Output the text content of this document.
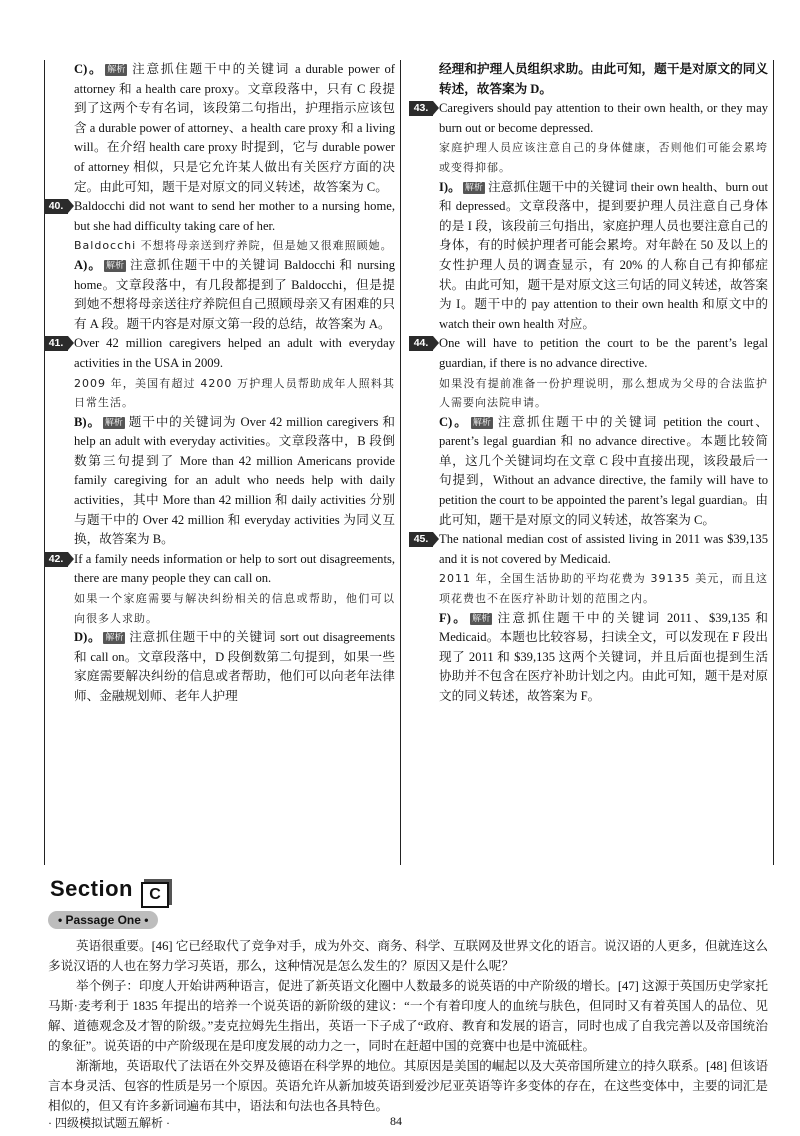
C)。 解析 注意抓住题干中的关键词 a durable power of attorney 和 a health care proxy。文章段落中，只有 C 段提到了这两个专有名词，该段第二句指出，护理指示应该包含 a durable power of attorney、a health care proxy 和 a living will。在介绍 health care proxy 时提到，它与 durable power of attorney 相似，只是它允许某人做出有关医疗方面的决定。由此可知，题干是对原文的同义转述，故答案为 C。
40. Baldocchi did not want to send her mother to a nursing home, but she had difficulty taking care of her.
Baldocchi 不想将母亲送到疗养院，但是她又很难照顾她。
A)。 解析 注意抓住题干中的关键词 Baldocchi 和 nursing home。文章段落中，有几段都提到了 Baldocchi，但是提到她不想将母亲送往疗养院但自己照顾母亲又有困难的只有 A 段。题干内容是对原文第一段的总结，故答案为 A。
41. Over 42 million caregivers helped an adult with everyday activities in the USA in 2009.
2009 年，美国有超过 4200 万护理人员帮助成年人照料其日常生活。
B)。 解析 题干中的关键词为 Over 42 million caregivers 和 help an adult with everyday activities。文章段落中，B 段倒数第三句提到了 More than 42 million Americans provide family caregiving for an adult who needs help with daily activities，其中 More than 42 million 和 daily activities 分别与题干中的 Over 42 million 和 everyday activities 为同义互换，故答案为 B。
42. If a family needs information or help to sort out disagreements, there are many people they can call on.
如果一个家庭需要与解决纠纷相关的信息或帮助，他们可以向很多人求助。
D)。 解析 注意抓住题干中的关键词 sort out disagreements 和 call on。文章段落中，D 段倒数第二句提到，如果一些家庭需要解决纠纷的信息或者帮助，他们可以向老年法律师、金融规划师、老年人护理
经理和护理人员组织求助。由此可知，题干是对原文的同义转述，故答案为 D。
43. Caregivers should pay attention to their own health, or they may burn out or become depressed.
家庭护理人员应该注意自己的身体健康，否则他们可能会累垮或变得抑郁。
I)。 解析 注意抓住题干中的关键词 their own health、burn out 和 depressed。文章段落中，提到要护理人员注意自己身体的是 I 段，该段前三句指出，家庭护理人员也要注意自己的身体，有的时候护理者可能会累垮。对年龄在 50 及以上的女性护理人员的调查显示，有 20% 的人称自己有抑郁症状。由此可知，题干是对原文这三句话的同义转述，故答案为 I。题干中的 pay attention to their own health 和原文中的 watch their own health 对应。
44. One will have to petition the court to be the parent’s legal guardian, if there is no advance directive.
如果没有提前准备一份护理说明，那么想成为父母的合法监护人需要向法院申请。
C)。 解析 注意抓住题干中的关键词 petition the court、parent’s legal guardian 和 no advance directive。本题比较简单，这几个关键词均在文章 C 段中直接出现，该段最后一句提到，Without an advance directive, the family will have to petition the court to be appointed the parent’s legal guardian。由此可知，题干是对原文的同义转述，故答案为 C。
45. The national median cost of assisted living in 2011 was $39,135 and it is not covered by Medicaid.
2011 年，全国生活协助的平均花费为 39135 美元，而且这项花费也不在医疗补助计划的范围之内。
F)。 解析 注意抓住题干中的关键词 2011、$39,135 和 Medicaid。本题也比较容易，扫读全文，可以发现在 F 段出现了 2011 和 $39,135 这两个关键词，并且后面也提到生活协助并不包含在医疗补助计划之内。由此可知，题干是对原文的同义转述，故答案为 F。
Section	C
• Passage One •

英语很重要。[46] 它已经取代了竞争对手，成为外交、商务、科学、互联网及世界文化的语言。说汉语的人更多，但就连这么多说汉语的人也在努力学习英语，那么，这种情况是怎么发生的？原因又是什么呢？

举个例子：印度人开始讲两种语言，促进了新英语文化圈中人数最多的说英语的中产阶级的增长。[47] 这源于英国历史学家托马斯·麦考利于 1835 年提出的培养一个说英语的新阶级的建议：“一个有着印度人的血统与肤色，但同时又有着英国人的品位、见解、道德观念及才智的阶级。”麦克拉姆先生指出，英语一下子成了“政府、教育和发展的语言，同时也成了自我完善以及帝国统治的象征”。说英语的中产阶级现在是印度发展的动力之一，同时在赶超中国的竞赛中也是中流砥柱。

渐渐地，英语取代了法语在外交界及德语在科学界的地位。其原因是美国的崛起以及大英帝国所建立的持久联系。[48] 但该语言本身灵活、包容的性质是另一个原因。英语允许从新加坡英语到爱沙尼亚英语等许多变体的存在，在这些变体中，主要的词汇是相似的，但又有许多新词遍布其中，语法和句法也各具特色。

· 四级模拟试题五解析 ·	84
